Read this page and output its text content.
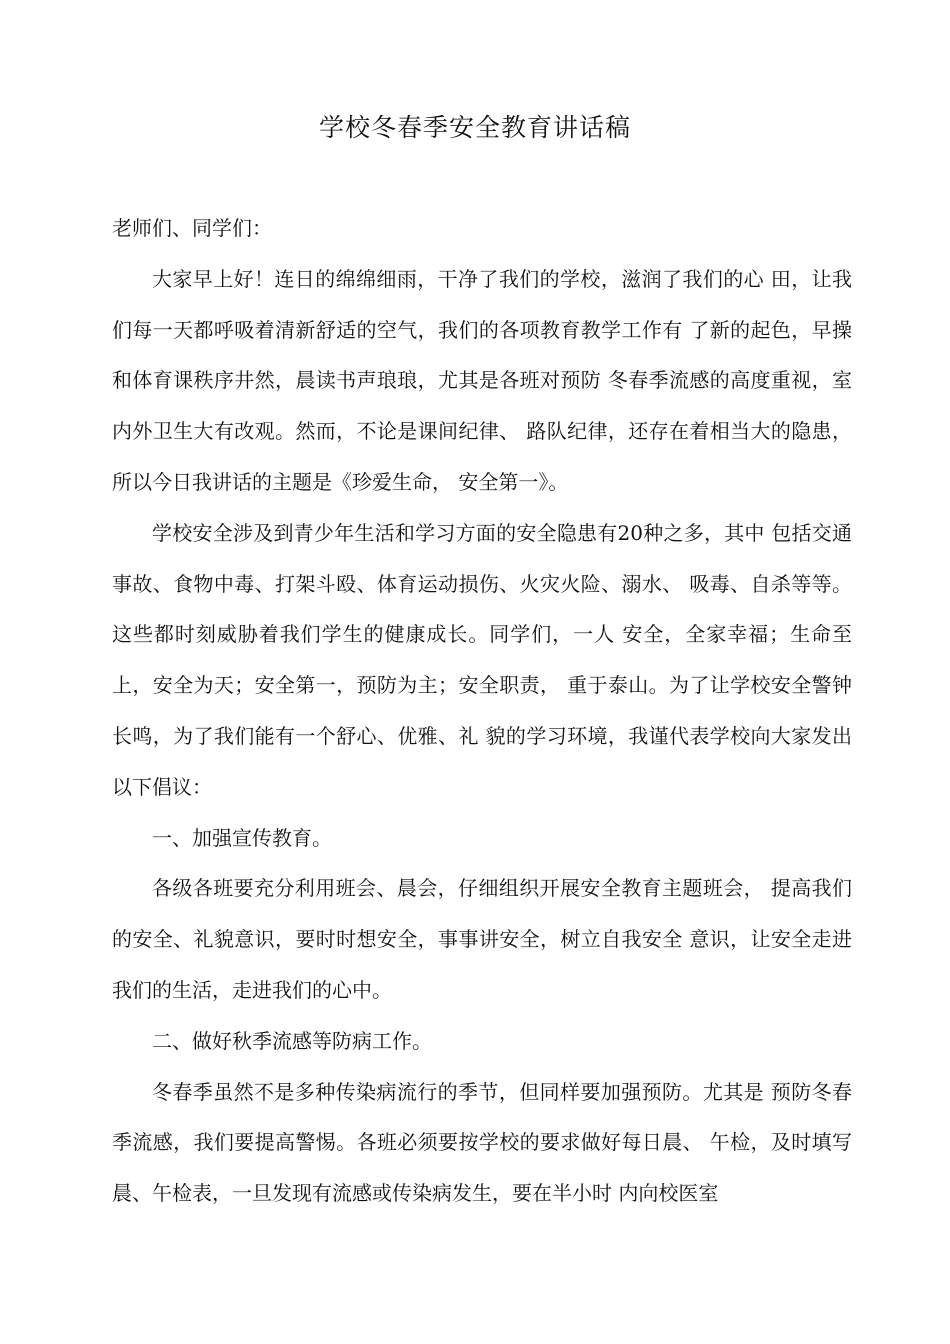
学校冬春季安全教育讲话稿

老师们、同学们：

大家早上好！连日的绵绵细雨，干净了我们的学校，滋润了我们的心 田，让我们每一天都呼吸着清新舒适的空气，我们的各项教育教学工作有 了新的起色，早操和体育课秩序井然，晨读书声琅琅，尤其是各班对预防 冬春季流感的高度重视，室内外卫生大有改观。然而，不论是课间纪律、 路队纪律，还存在着相当大的隐患，所以今日我讲话的主题是《珍爱生命， 安全第一》。

学校安全涉及到青少年生活和学习方面的安全隐患有20种之多，其中 包括交通事故、食物中毒、打架斗殴、体育运动损伤、火灾火险、溺水、 吸毒、自杀等等。这些都时刻威胁着我们学生的健康成长。同学们，一人 安全，全家幸福；生命至上，安全为天；安全第一，预防为主；安全职责， 重于泰山。为了让学校安全警钟长鸣，为了我们能有一个舒心、优雅、礼 貌的学习环境，我谨代表学校向大家发出以下倡议：

一、加强宣传教育。

各级各班要充分利用班会、晨会，仔细组织开展安全教育主题班会， 提高我们的安全、礼貌意识，要时时想安全，事事讲安全，树立自我安全 意识，让安全走进我们的生活，走进我们的心中。

二、做好秋季流感等防病工作。

冬春季虽然不是多种传染病流行的季节，但同样要加强预防。尤其是 预防冬春季流感，我们要提高警惕。各班必须要按学校的要求做好每日晨、 午检，及时填写晨、午检表，一旦发现有流感或传染病发生，要在半小时 内向校医室
